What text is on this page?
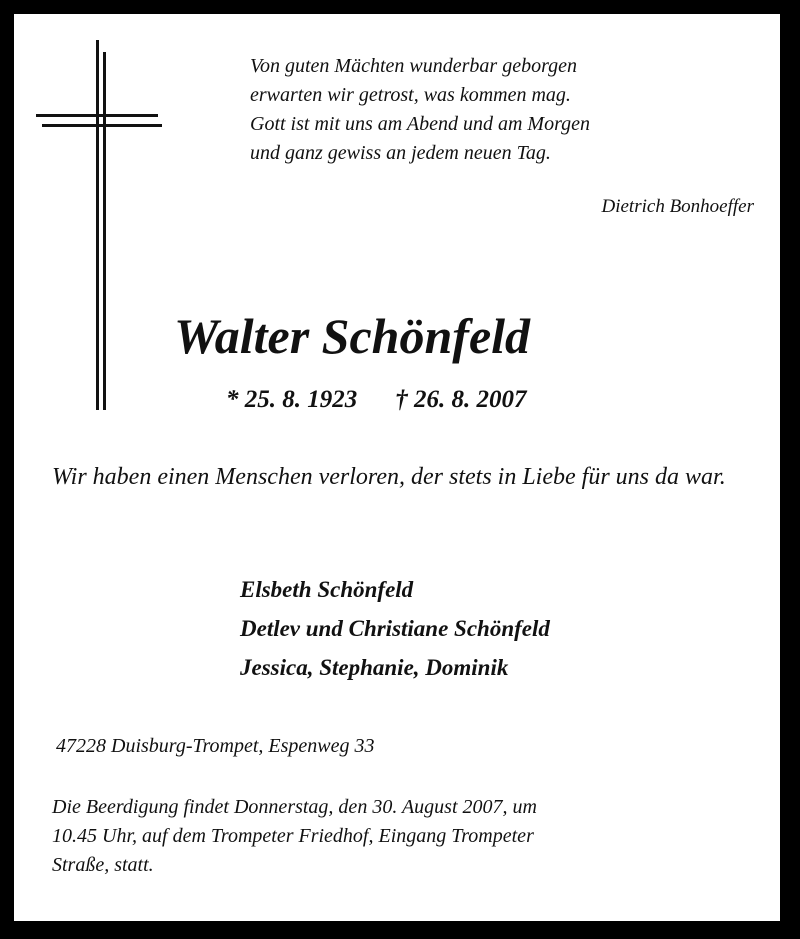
Von guten Mächten wunderbar geborgen
erwarten wir getrost, was kommen mag.
Gott ist mit uns am Abend und am Morgen
und ganz gewiss an jedem neuen Tag.
Dietrich Bonhoeffer
Walter Schönfeld
* 25. 8. 1923 † 26. 8. 2007
Wir haben einen Menschen verloren, der stets in Liebe für uns da war.
Elsbeth Schönfeld
Detlev und Christiane Schönfeld
Jessica, Stephanie, Dominik
47228 Duisburg-Trompet, Espenweg 33
Die Beerdigung findet Donnerstag, den 30. August 2007, um
10.45 Uhr, auf dem Trompeter Friedhof, Eingang Trompeter
Straße, statt.
